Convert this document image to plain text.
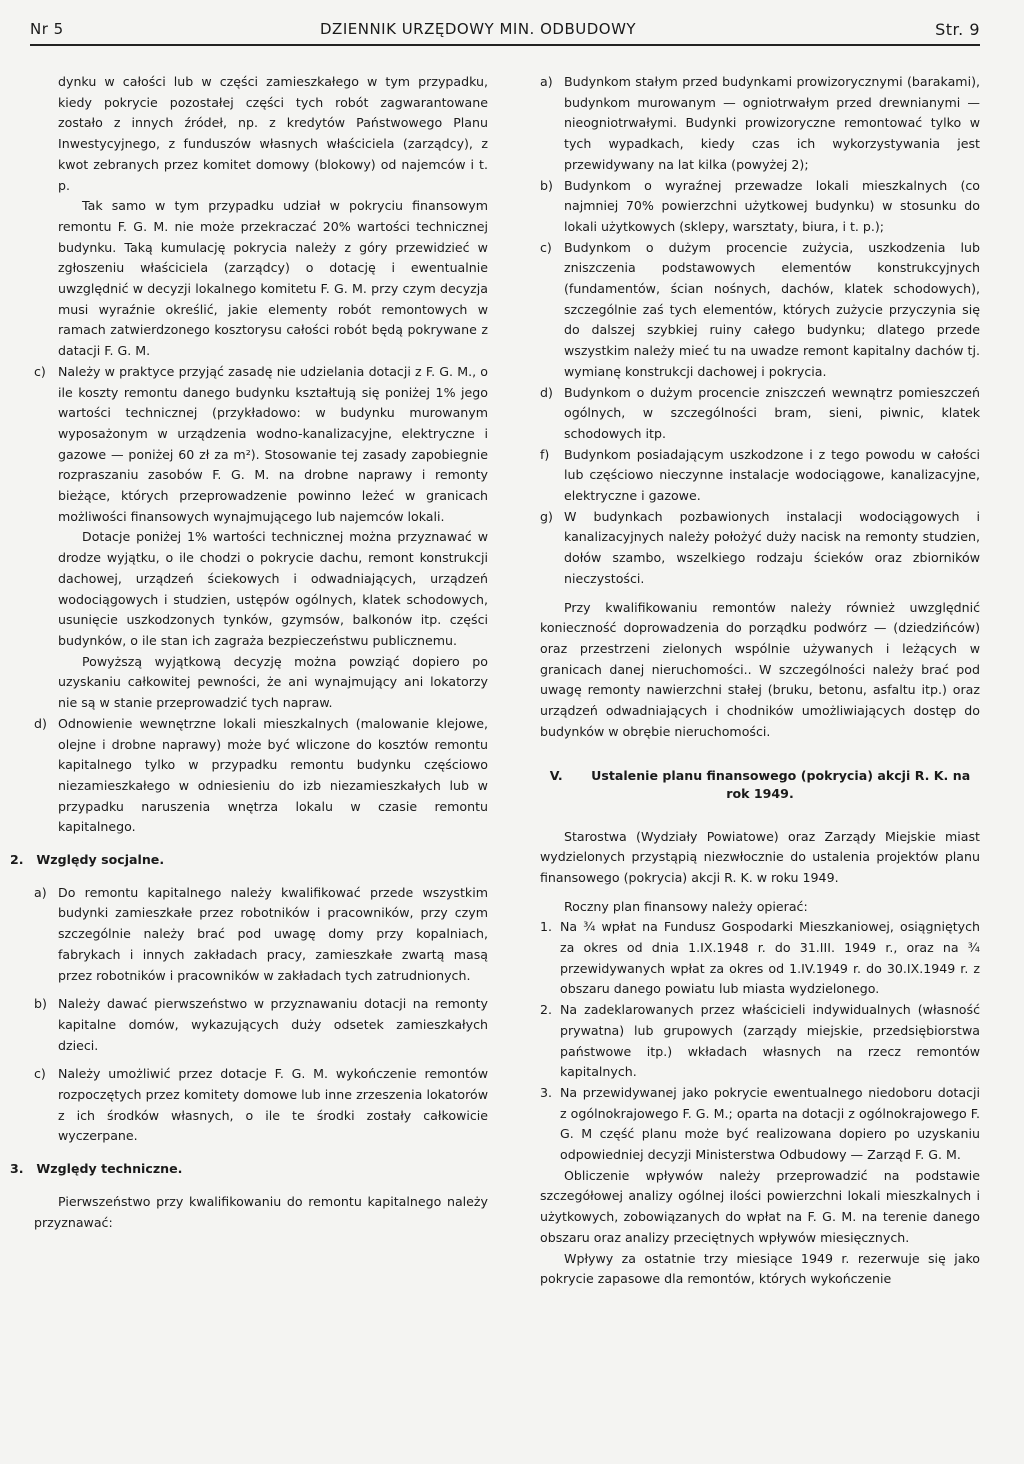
Nr 5	DZIENNIK URZĘDOWY MIN. ODBUDOWY	Str. 9

dynku w całości lub w części zamieszkałego w tym przypadku, kiedy pokrycie pozostałej części tych robót zagwarantowane zostało z innych źródeł, np. z kredytów Państwowego Planu Inwestycyjnego, z funduszów własnych właściciela (zarządcy), z kwot zebranych przez komitet domowy (blokowy) od najemców i t. p.

Tak samo w tym przypadku udział w pokryciu finansowym remontu F. G. M. nie może przekraczać 20% wartości technicznej budynku. Taką kumulację pokrycia należy z góry przewidzieć w zgłoszeniu właściciela (zarządcy) o dotację i ewentualnie uwzględnić w decyzji lokalnego komitetu F. G. M. przy czym decyzja musi wyraźnie określić, jakie elementy robót remontowych w ramach zatwierdzonego kosztorysu całości robót będą pokrywane z datacji F. G. M.

c) Należy w praktyce przyjąć zasadę nie udzielania dotacji z F. G. M., o ile koszty remontu danego budynku kształtują się poniżej 1% jego wartości technicznej (przykładowo: w budynku murowanym wyposażonym w urządzenia wodno-kanalizacyjne, elektryczne i gazowe — poniżej 60 zł za m²). Stosowanie tej zasady zapobiegnie rozpraszaniu zasobów F. G. M. na drobne naprawy i remonty bieżące, których przeprowadzenie powinno leżeć w granicach możliwości finansowych wynajmującego lub najemców lokali.

Dotacje poniżej 1% wartości technicznej można przyznawać w drodze wyjątku, o ile chodzi o pokrycie dachu, remont konstrukcji dachowej, urządzeń ściekowych i odwadniających, urządzeń wodociągowych i studzien, ustępów ogólnych, klatek schodowych, usunięcie uszkodzonych tynków, gzymsów, balkonów itp. części budynków, o ile stan ich zagraża bezpieczeństwu publicznemu.

Powyższą wyjątkową decyzję można powziąć dopiero po uzyskaniu całkowitej pewności, że ani wynajmujący ani lokatorzy nie są w stanie przeprowadzić tych napraw.

d) Odnowienie wewnętrzne lokali mieszkalnych (malowanie klejowe, olejne i drobne naprawy) może być wliczone do kosztów remontu kapitalnego tylko w przypadku remontu budynku częściowo niezamieszkałego w odniesieniu do izb niezamieszkałych lub w przypadku naruszenia wnętrza lokalu w czasie remontu kapitalnego.

2. Względy socjalne.
a) Do remontu kapitalnego należy kwalifikować przede wszystkim budynki zamieszkałe przez robotników i pracowników, przy czym szczególnie należy brać pod uwagę domy przy kopalniach, fabrykach i innych zakładach pracy, zamieszkałe zwartą masą przez robotników i pracowników w zakładach tych zatrudnionych.

b) Należy dawać pierwszeństwo w przyznawaniu dotacji na remonty kapitalne domów, wykazujących duży odsetek zamieszkałych dzieci.

c) Należy umożliwić przez dotacje F. G. M. wykończenie remontów rozpoczętych przez komitety domowe lub inne zrzeszenia lokatorów z ich środków własnych, o ile te środki zostały całkowicie wyczerpane.

3. Względy techniczne.

Pierwszeństwo przy kwalifikowaniu do remontu kapitalnego należy przyznawać:

a) Budynkom stałym przed budynkami prowizorycznymi (barakami), budynkom murowanym — ogniotrwałym przed drewnianymi — nieogniotrwałymi. Budynki prowizoryczne remontować tylko w tych wypadkach, kiedy czas ich wykorzystywania jest przewidywany na lat kilka (powyżej 2);

b) Budynkom o wyraźnej przewadze lokali mieszkalnych (co najmniej 70% powierzchni użytkowej budynku) w stosunku do lokali użytkowych (sklepy, warsztaty, biura, i t. p.);

c) Budynkom o dużym procencie zużycia, uszkodzenia lub zniszczenia podstawowych elementów konstrukcyjnych (fundamentów, ścian nośnych, dachów, klatek schodowych), szczególnie zaś tych elementów, których zużycie przyczynia się do dalszej szybkiej ruiny całego budynku; dlatego przede wszystkim należy mieć tu na uwadze remont kapitalny dachów tj. wymianę konstrukcji dachowej i pokrycia.

d) Budynkom o dużym procencie zniszczeń wewnątrz pomieszczeń ogólnych, w szczególności bram, sieni, piwnic, klatek schodowych itp.

f) Budynkom posiadającym uszkodzone i z tego powodu w całości lub częściowo nieczynne instalacje wodociągowe, kanalizacyjne, elektryczne i gazowe.

g) W budynkach pozbawionych instalacji wodociągowych i kanalizacyjnych należy położyć duży nacisk na remonty studzien, dołów szambo, wszelkiego rodzaju ścieków oraz zbiorników nieczystości.

Przy kwalifikowaniu remontów należy również uwzględnić konieczność doprowadzenia do porządku podwórz — (dziedzińców) oraz przestrzeni zielonych wspólnie używanych i leżących w granicach danej nieruchomości.. W szczególności należy brać pod uwagę remonty nawierzchni stałej (bruku, betonu, asfaltu itp.) oraz urządzeń odwadniających i chodników umożliwiających dostęp do budynków w obrębie nieruchomości.

V. Ustalenie planu finansowego (pokrycia) akcji R. K. na rok 1949.

Starostwa (Wydziały Powiatowe) oraz Zarządy Miejskie miast wydzielonych przystąpią niezwłocznie do ustalenia projektów planu finansowego (pokrycia) akcji R. K. w roku 1949.

Roczny plan finansowy należy opierać:

1. Na ¾ wpłat na Fundusz Gospodarki Mieszkaniowej, osiągniętych za okres od dnia 1.IX.1948 r. do 31.III. 1949 r., oraz na ¾ przewidywanych wpłat za okres od 1.IV.1949 r. do 30.IX.1949 r. z obszaru danego powiatu lub miasta wydzielonego.

2. Na zadeklarowanych przez właścicieli indywidualnych (własność prywatna) lub grupowych (zarządy miejskie, przedsiębiorstwa państwowe itp.) wkładach własnych na rzecz remontów kapitalnych.

3. Na przewidywanej jako pokrycie ewentualnego niedoboru dotacji z ogólnokrajowego F. G. M.; oparta na dotacji z ogólnokrajowego F. G. M część planu może być realizowana dopiero po uzyskaniu odpowiedniej decyzji Ministerstwa Odbudowy — Zarząd F. G. M.

Obliczenie wpływów należy przeprowadzić na podstawie szczegółowej analizy ogólnej ilości powierzchni lokali mieszkalnych i użytkowych, zobowiązanych do wpłat na F. G. M. na terenie danego obszaru oraz analizy przeciętnych wpływów miesięcznych.

Wpływy za ostatnie trzy miesiące 1949 r. rezerwuje się jako pokrycie zapasowe dla remontów, których wykończenie
